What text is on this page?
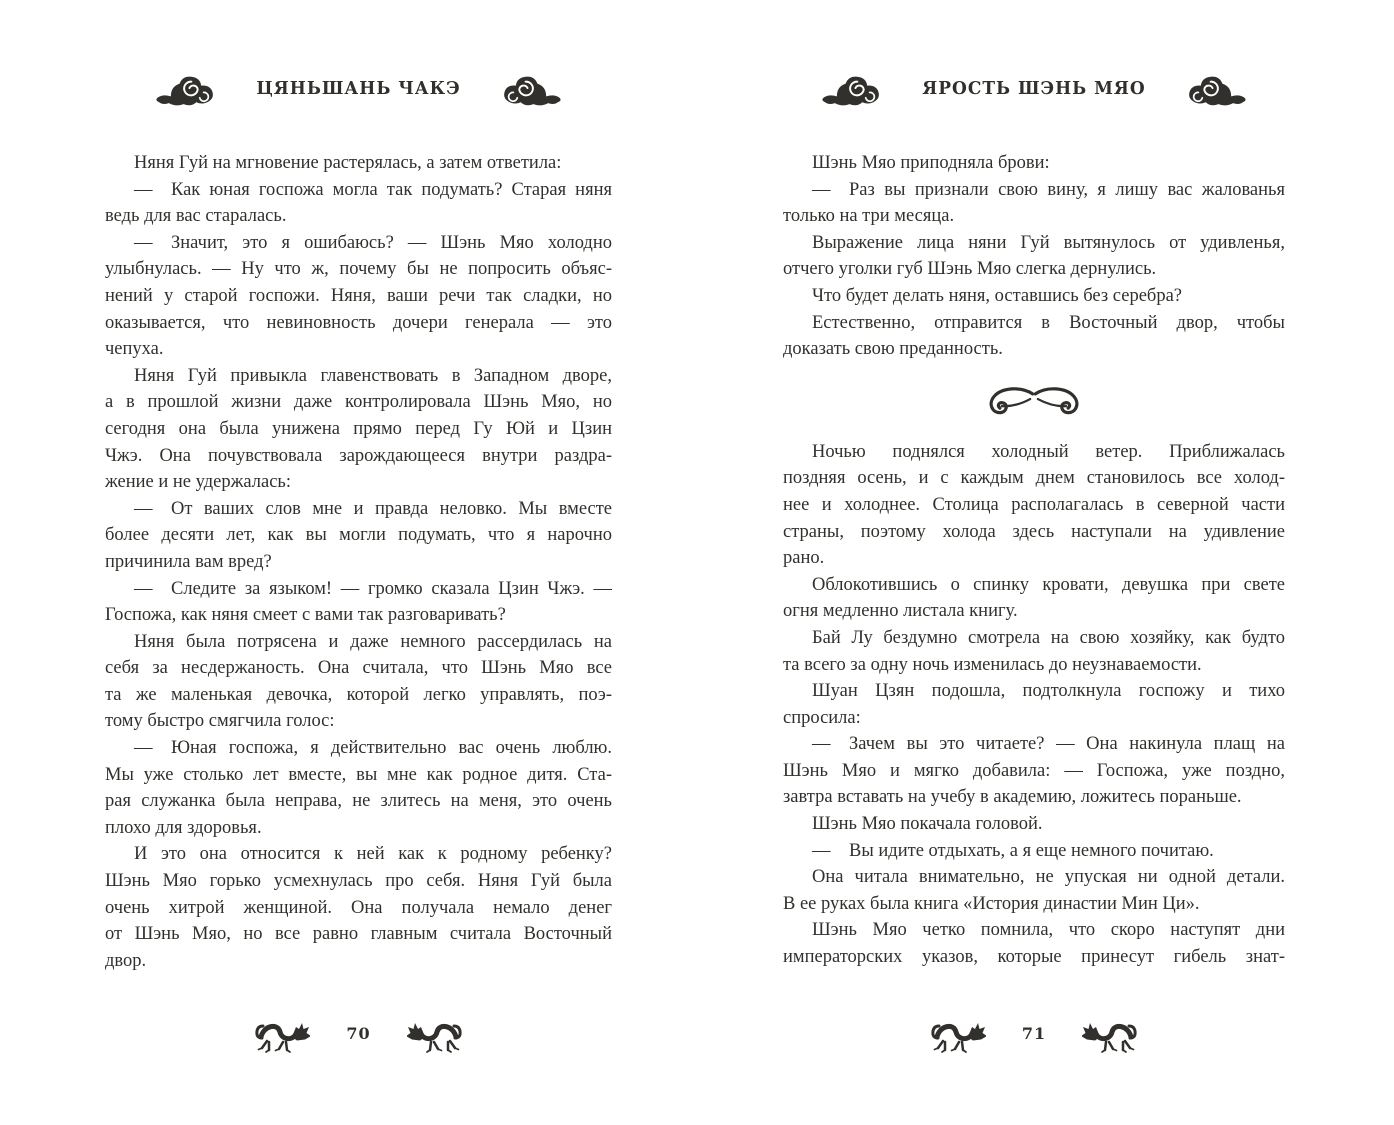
ЦЯНЬШАНЬ ЧАКЭ
Няня Гуй на мгновение растерялась, а затем ответила:
— Как юная госпожа могла так подумать? Старая няня
ведь для вас старалась.
— Значит, это я ошибаюсь? — Шэнь Мяо холодно
улыбнулась. — Ну что ж, почему бы не попросить объяс-
нений у старой госпожи. Няня, ваши речи так сладки, но
оказывается, что невиновность дочери генерала — это
чепуха.
Няня Гуй привыкла главенствовать в Западном дворе,
а в прошлой жизни даже контролировала Шэнь Мяо, но
сегодня она была унижена прямо перед Гу Юй и Цзин
Чжэ. Она почувствовала зарождающееся внутри раздра-
жение и не удержалась:
— От ваших слов мне и правда неловко. Мы вместе
более десяти лет, как вы могли подумать, что я нарочно
причинила вам вред?
— Следите за языком! — громко сказала Цзин Чжэ. —
Госпожа, как няня смеет с вами так разговаривать?
Няня была потрясена и даже немного рассердилась на
себя за несдержаность. Она считала, что Шэнь Мяо все
та же маленькая девочка, которой легко управлять, поэ-
тому быстро смягчила голос:
— Юная госпожа, я действительно вас очень люблю.
Мы уже столько лет вместе, вы мне как родное дитя. Ста-
рая служанка была неправа, не злитесь на меня, это очень
плохо для здоровья.
И это она относится к ней как к родному ребенку?
Шэнь Мяо горько усмехнулась про себя. Няня Гуй была
очень хитрой женщиной. Она получала немало денег
от Шэнь Мяо, но все равно главным считала Восточный
двор.
70
ЯРОСТЬ ШЭНЬ МЯО
Шэнь Мяо приподняла брови:
— Раз вы признали свою вину, я лишу вас жалованья
только на три месяца.
Выражение лица няни Гуй вытянулось от удивленья,
отчего уголки губ Шэнь Мяо слегка дернулись.
Что будет делать няня, оставшись без серебра?
Естественно, отправится в Восточный двор, чтобы
доказать свою преданность.
Ночью поднялся холодный ветер. Приближалась
поздняя осень, и с каждым днем становилось все холод-
нее и холоднее. Столица располагалась в северной части
страны, поэтому холода здесь наступали на удивление
рано.
Облокотившись о спинку кровати, девушка при свете
огня медленно листала книгу.
Бай Лу бездумно смотрела на свою хозяйку, как будто
та всего за одну ночь изменилась до неузнаваемости.
Шуан Цзян подошла, подтолкнула госпожу и тихо
спросила:
— Зачем вы это читаете? — Она накинула плащ на
Шэнь Мяо и мягко добавила: — Госпожа, уже поздно,
завтра вставать на учебу в академию, ложитесь пораньше.
Шэнь Мяо покачала головой.
— Вы идите отдыхать, а я еще немного почитаю.
Она читала внимательно, не упуская ни одной детали.
В ее руках была книга «История династии Мин Ци».
Шэнь Мяо четко помнила, что скоро наступят дни
императорских указов, которые принесут гибель знат-
71
